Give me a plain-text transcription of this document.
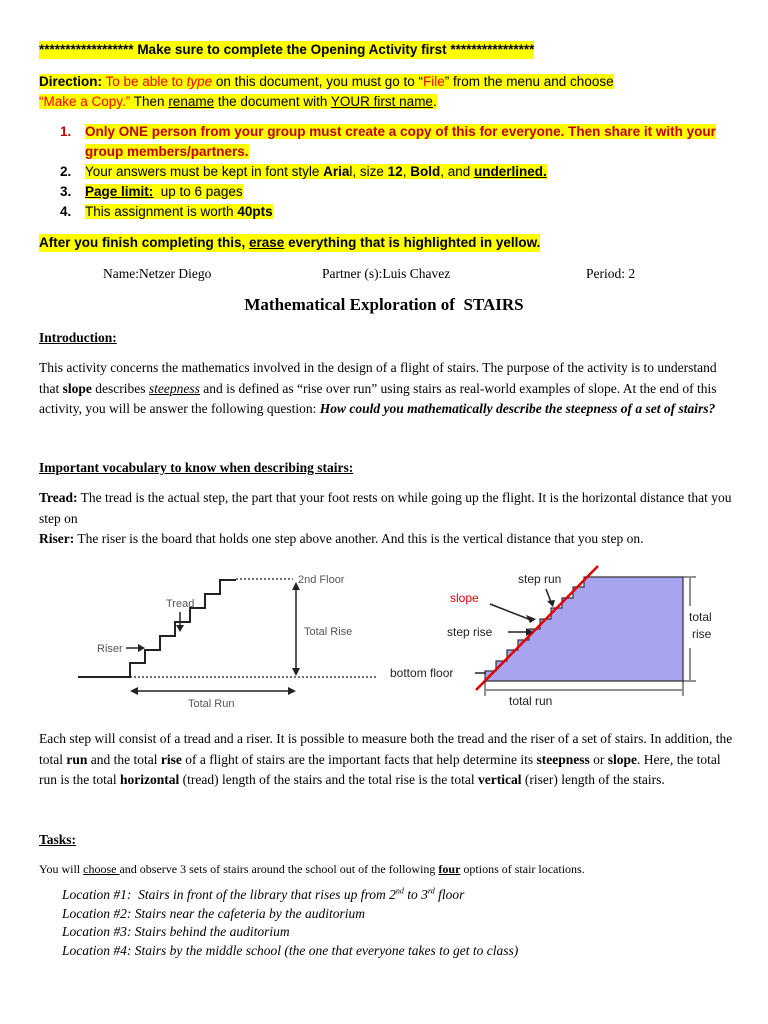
****************** Make sure to complete the Opening Activity first ****************
Direction: To be able to type on this document, you must go to “File” from the menu and choose
“Make a Copy.” Then rename the document with YOUR first name.
1.	Only ONE person from your group must create a copy of this for everyone. Then share it with your group members/partners.
2.	Your answers must be kept in font style Arial, size 12, Bold, and underlined.
3.	Page limit:  up to 6 pages
4.	This assignment is worth 40pts
After you finish completing this, erase everything that is highlighted in yellow.
Name:Netzer Diego	Partner (s):Luis Chavez	Period: 2
Mathematical Exploration of  STAIRS
Introduction:

This activity concerns the mathematics involved in the design of a flight of stairs. The purpose of the activity is to understand that slope describes steepness and is defined as “rise over run” using stairs as real-world examples of slope. At the end of this activity, you will be answer the following question: How could you mathematically describe the steepness of a set of stairs?

Important vocabulary to know when describing stairs:

Tread: The tread is the actual step, the part that your foot rests on while going up the flight. It is the horizontal distance that you step on

Riser: The riser is the board that holds one step above another. And this is the vertical distance that you step on.

2nd Floor
Tread
Riser
Total Rise
Total Run
step run
slope
step rise
bottom floor
total
rise
total run

Each step will consist of a tread and a riser. It is possible to measure both the tread and the riser of a set of stairs. In addition, the total run and the total rise of a flight of stairs are the important facts that help determine its steepness or slope. Here, the total run is the total horizontal (tread) length of the stairs and the total rise is the total vertical (riser) length of the stairs.

Tasks:

You will choose and observe 3 sets of stairs around the school out of the following four options of stair locations.

Location #1:  Stairs in front of the library that rises up from 2nd to 3rd floor
Location #2: Stairs near the cafeteria by the auditorium
Location #3: Stairs behind the auditorium
Location #4: Stairs by the middle school (the one that everyone takes to get to class)
